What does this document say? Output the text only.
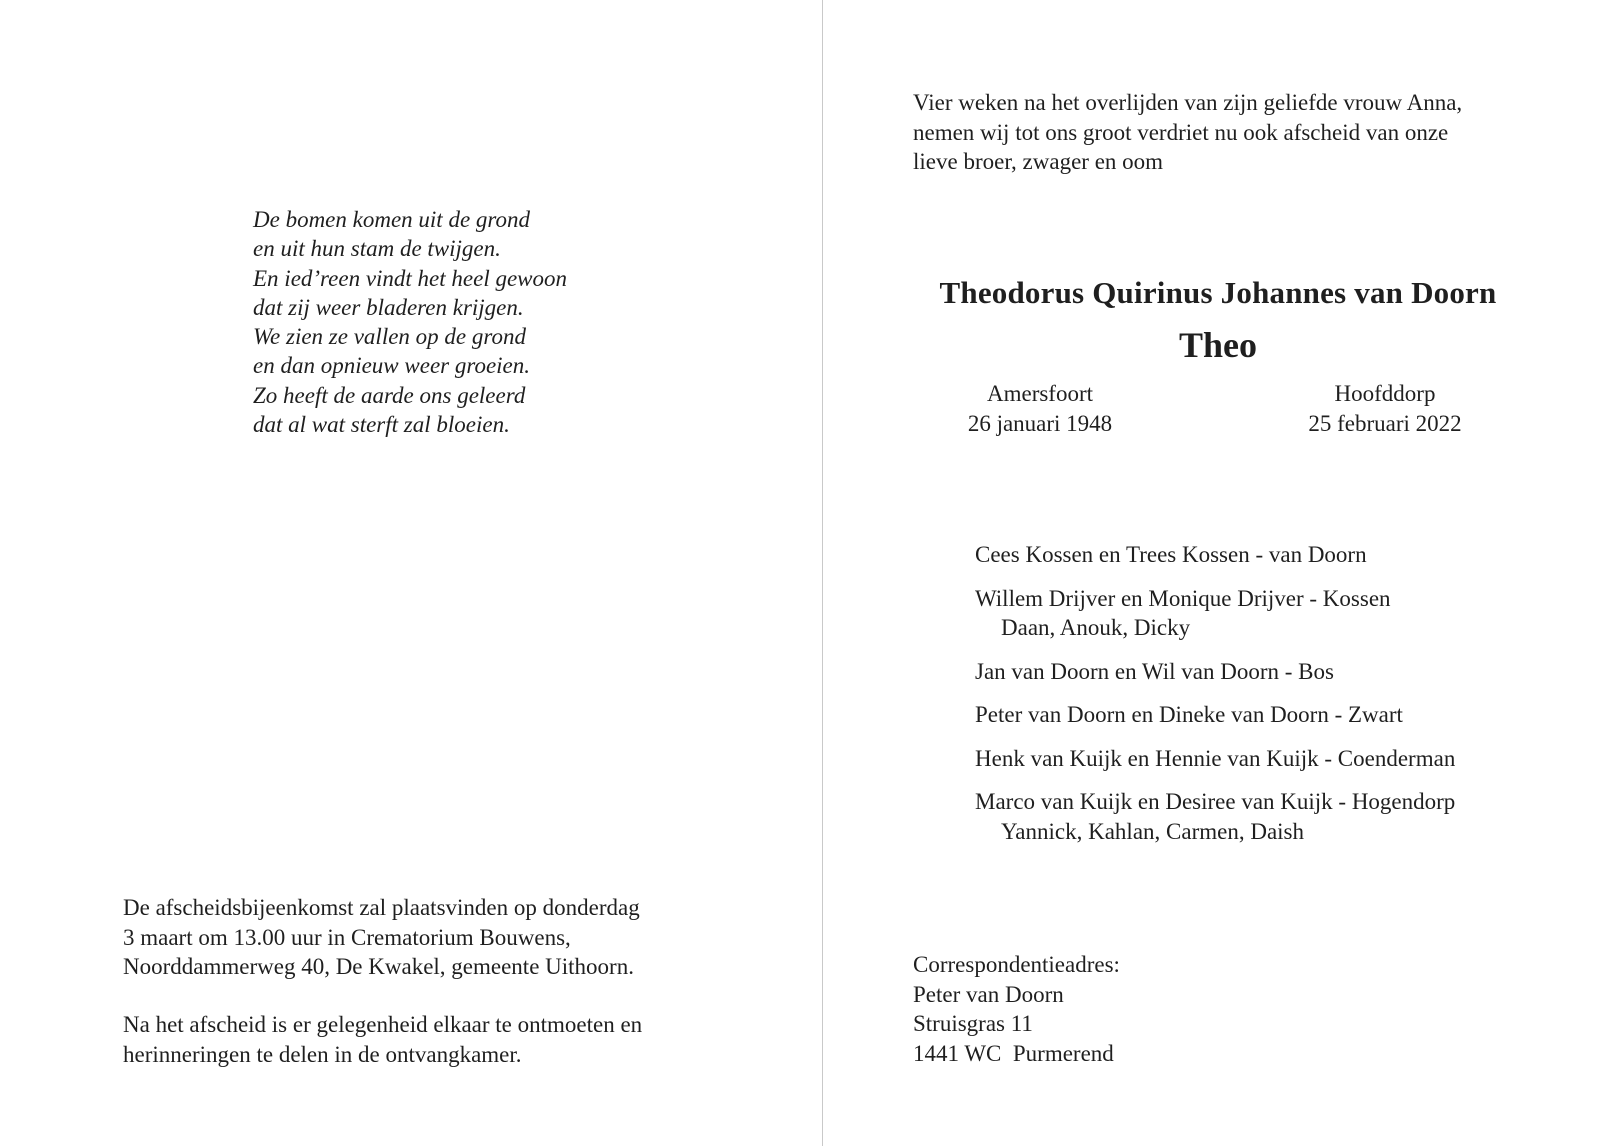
De bomen komen uit de grond
en uit hun stam de twijgen.
En ied’reen vindt het heel gewoon
dat zij weer bladeren krijgen.
We zien ze vallen op de grond
en dan opnieuw weer groeien.
Zo heeft de aarde ons geleerd
dat al wat sterft zal bloeien.
De afscheidsbijeenkomst zal plaatsvinden op donderdag
3 maart om 13.00 uur in Crematorium Bouwens,
Noorddammerweg 40, De Kwakel, gemeente Uithoorn.
Na het afscheid is er gelegenheid elkaar te ontmoeten en
herinneringen te delen in de ontvangkamer.
Vier weken na het overlijden van zijn geliefde vrouw Anna,
nemen wij tot ons groot verdriet nu ook afscheid van onze
lieve broer, zwager en oom
Theodorus Quirinus Johannes van Doorn
Theo
Amersfoort
26 januari 1948
Hoofddorp
25 februari 2022
Cees Kossen en Trees Kossen - van Doorn
Willem Drijver en Monique Drijver - Kossen
Daan, Anouk, Dicky
Jan van Doorn en Wil van Doorn - Bos
Peter van Doorn en Dineke van Doorn - Zwart
Henk van Kuijk en Hennie van Kuijk - Coenderman
Marco van Kuijk en Desiree van Kuijk - Hogendorp
Yannick, Kahlan, Carmen, Daish
Correspondentieadres:
Peter van Doorn
Struisgras 11
1441 WC  Purmerend
